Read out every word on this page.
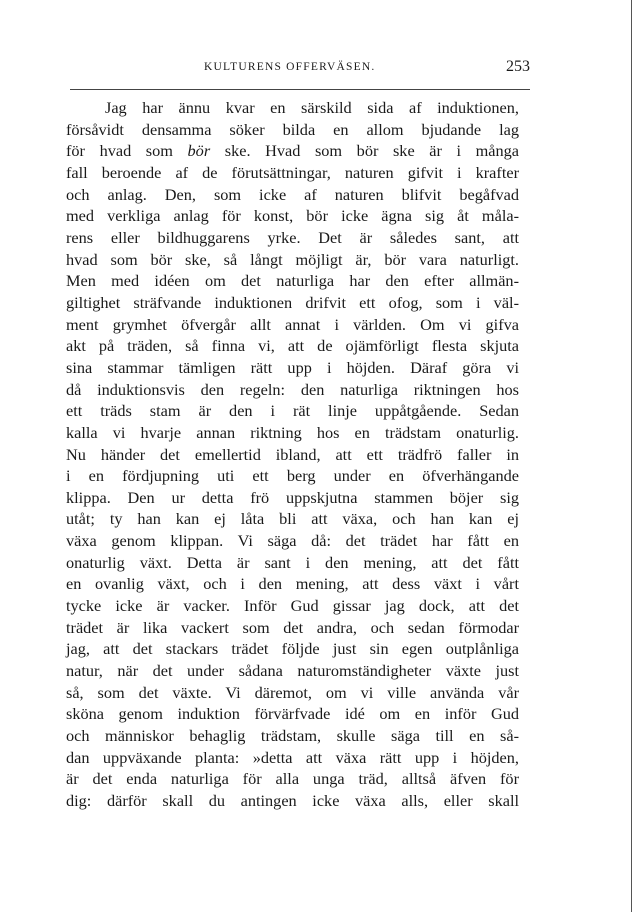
KULTURENS OFFERVÄSEN.	253

Jag har ännu kvar en särskild sida af induktionen,
försåvidt densamma söker bilda en allom bjudande lag
för hvad som bör ske. Hvad som bör ske är i många
fall beroende af de förutsättningar, naturen gifvit i krafter
och anlag. Den, som icke af naturen blifvit begåfvad
med verkliga anlag för konst, bör icke ägna sig åt måla-
rens eller bildhuggarens yrke. Det är således sant, att
hvad som bör ske, så långt möjligt är, bör vara naturligt.
Men med idéen om det naturliga har den efter allmän-
giltighet sträfvande induktionen drifvit ett ofog, som i väl-
ment grymhet öfvergår allt annat i världen. Om vi gifva
akt på träden, så finna vi, att de ojämförligt flesta skjuta
sina stammar tämligen rätt upp i höjden. Däraf göra vi
då induktionsvis den regeln: den naturliga riktningen hos
ett träds stam är den i rät linje uppåtgående. Sedan
kalla vi hvarje annan riktning hos en trädstam onaturlig.
Nu händer det emellertid ibland, att ett trädfrö faller in
i en fördjupning uti ett berg under en öfverhängande
klippa. Den ur detta frö uppskjutna stammen böjer sig
utåt; ty han kan ej låta bli att växa, och han kan ej
växa genom klippan. Vi säga då: det trädet har fått en
onaturlig växt. Detta är sant i den mening, att det fått
en ovanlig växt, och i den mening, att dess växt i vårt
tycke icke är vacker. Inför Gud gissar jag dock, att det
trädet är lika vackert som det andra, och sedan förmodar
jag, att det stackars trädet följde just sin egen outplånliga
natur, när det under sådana naturomständigheter växte just
så, som det växte. Vi däremot, om vi ville använda vår
sköna genom induktion förvärfvade idé om en inför Gud
och människor behaglig trädstam, skulle säga till en så-
dan uppväxande planta: »detta att växa rätt upp i höjden,
är det enda naturliga för alla unga träd, alltså äfven för
dig: därför skall du antingen icke växa alls, eller skall
